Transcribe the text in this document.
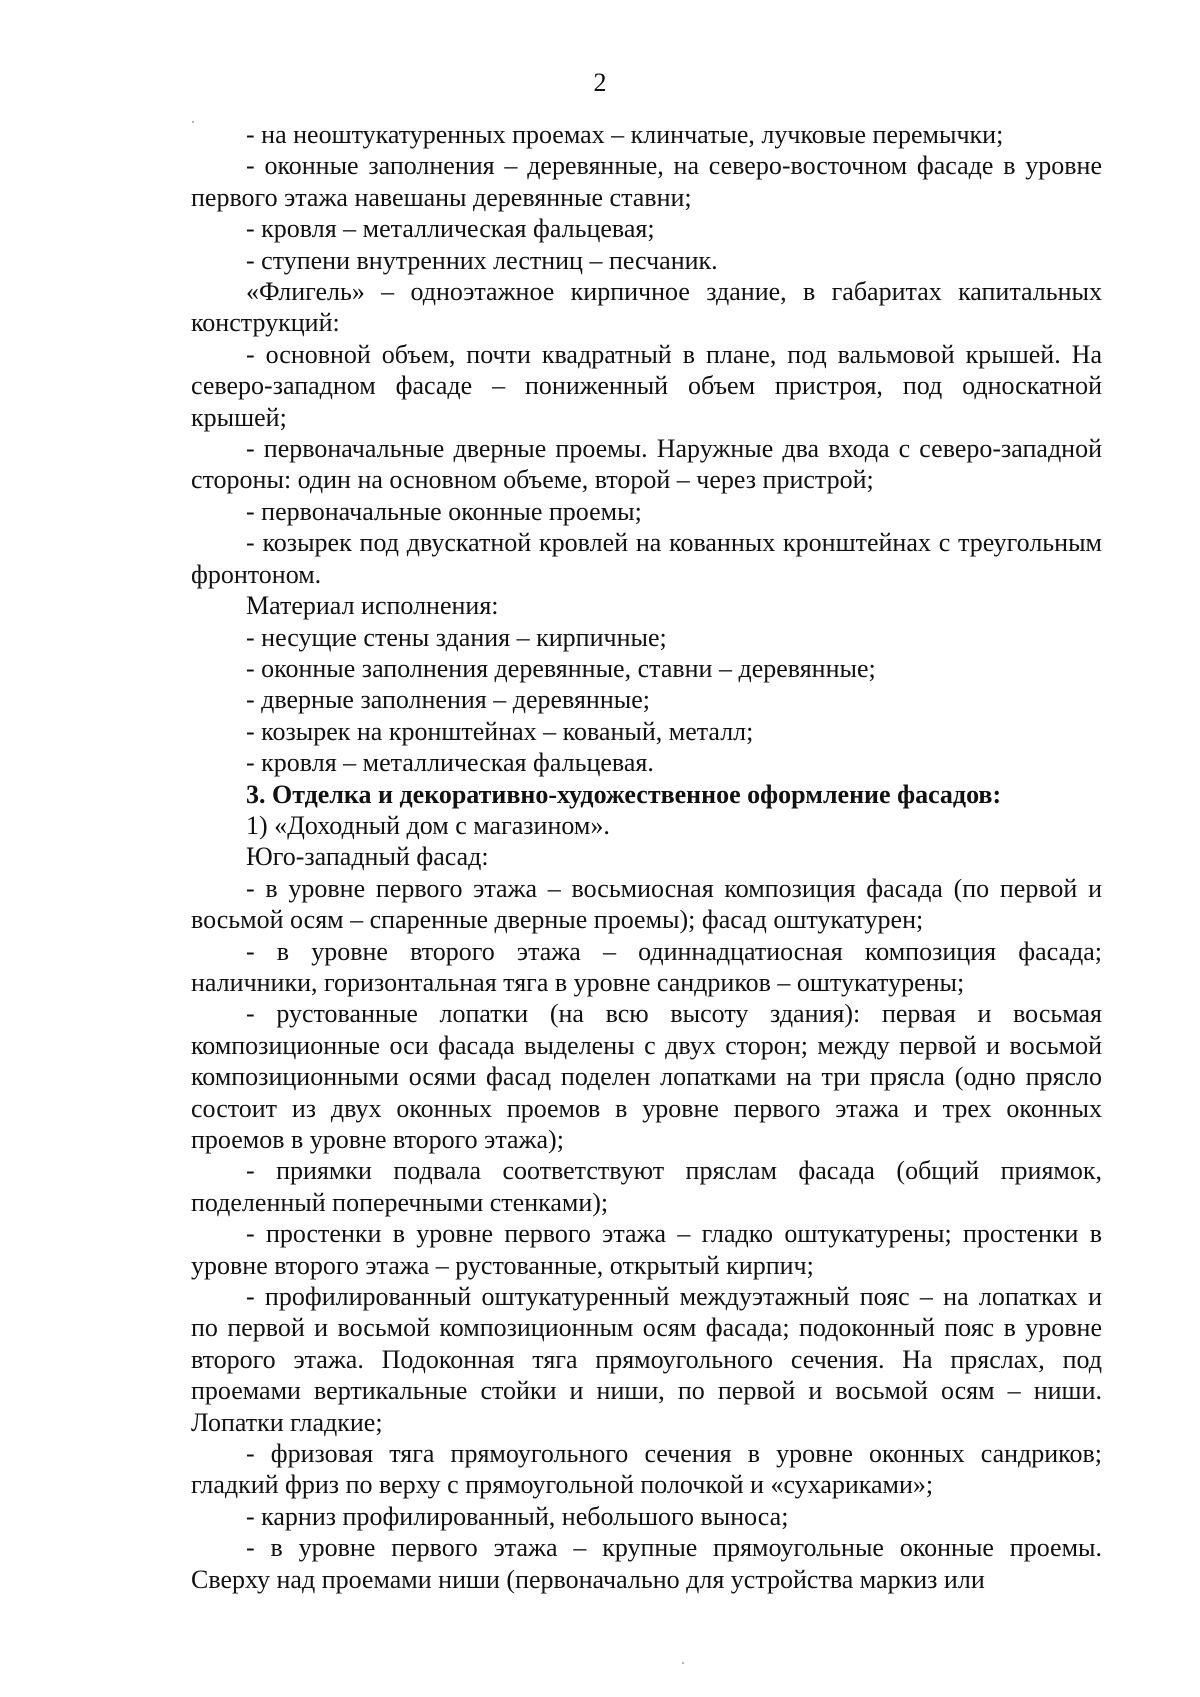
2

- на неоштукатуренных проемах – клинчатые, лучковые перемычки;

- оконные заполнения – деревянные, на северо-восточном фасаде в уровне первого этажа навешаны деревянные ставни;

- кровля – металлическая фальцевая;

- ступени внутренних лестниц – песчаник.

«Флигель» – одноэтажное кирпичное здание, в габаритах капитальных конструкций:

- основной объем, почти квадратный в плане, под вальмовой крышей. На северо-западном фасаде – пониженный объем пристроя, под односкатной крышей;

- первоначальные дверные проемы. Наружные два входа с северо-западной стороны: один на основном объеме, второй – через пристрой;

- первоначальные оконные проемы;

- козырек под двускатной кровлей на кованных кронштейнах с треугольным фронтоном.

Материал исполнения:

- несущие стены здания – кирпичные;

- оконные заполнения деревянные, ставни – деревянные;

- дверные заполнения – деревянные;

- козырек на кронштейнах – кованый, металл;

- кровля – металлическая фальцевая.

3. Отделка и декоративно-художественное оформление фасадов:

1) «Доходный дом с магазином».

Юго-западный фасад:

- в уровне первого этажа – восьмиосная композиция фасада (по первой и восьмой осям – спаренные дверные проемы); фасад оштукатурен;

- в уровне второго этажа – одиннадцатиосная композиция фасада; наличники, горизонтальная тяга в уровне сандриков – оштукатурены;

- рустованные лопатки (на всю высоту здания): первая и восьмая композиционные оси фасада выделены с двух сторон; между первой и восьмой композиционными осями фасад поделен лопатками на три прясла (одно прясло состоит из двух оконных проемов в уровне первого этажа и трех оконных проемов в уровне второго этажа);

- приямки подвала соответствуют пряслам фасада (общий приямок, поделенный поперечными стенками);

- простенки в уровне первого этажа – гладко оштукатурены; простенки в уровне второго этажа – рустованные, открытый кирпич;

- профилированный оштукатуренный междуэтажный пояс – на лопатках и по первой и восьмой композиционным осям фасада; подоконный пояс в уровне второго этажа. Подоконная тяга прямоугольного сечения. На пряслах, под проемами вертикальные стойки и ниши, по первой и восьмой осям – ниши. Лопатки гладкие;

- фризовая тяга прямоугольного сечения в уровне оконных сандриков; гладкий фриз по верху с прямоугольной полочкой и «сухариками»;

- карниз профилированный, небольшого выноса;

- в уровне первого этажа – крупные прямоугольные оконные проемы. Сверху над проемами ниши (первоначально для устройства маркиз или
